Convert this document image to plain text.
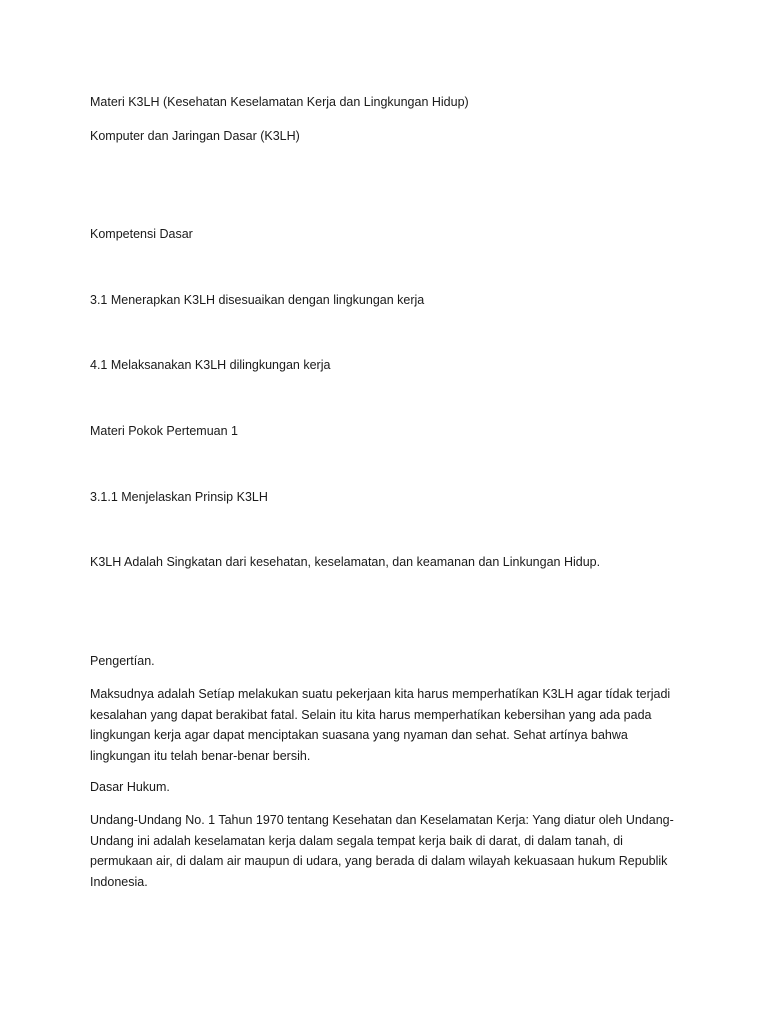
Materi K3LH (Kesehatan Keselamatan Kerja dan Lingkungan Hidup)

Komputer dan Jaringan Dasar (K3LH)

Kompetensi Dasar

3.1 Menerapkan K3LH disesuaikan dengan lingkungan kerja

4.1 Melaksanakan K3LH dilingkungan kerja

Materi Pokok Pertemuan 1

3.1.1 Menjelaskan Prinsip K3LH

K3LH Adalah Singkatan dari kesehatan, keselamatan, dan keamanan dan Linkungan Hidup.

Pengertían.

Maksudnya adalah Setíap melakukan suatu pekerjaan kita harus memperhatíkan K3LH agar tídak terjadi kesalahan yang dapat berakibat fatal. Selain itu kita harus memperhatíkan kebersihan yang ada pada lingkungan kerja agar dapat menciptakan suasana yang nyaman dan sehat. Sehat artínya bahwa lingkungan itu telah benar-benar bersih.

Dasar Hukum.

Undang-Undang No. 1 Tahun 1970 tentang Kesehatan dan Keselamatan Kerja: Yang diatur oleh Undang-Undang ini adalah keselamatan kerja dalam segala tempat kerja baik di darat, di dalam tanah, di permukaan air, di dalam air maupun di udara, yang berada di dalam wilayah kekuasaan hukum Republik Indonesia.
